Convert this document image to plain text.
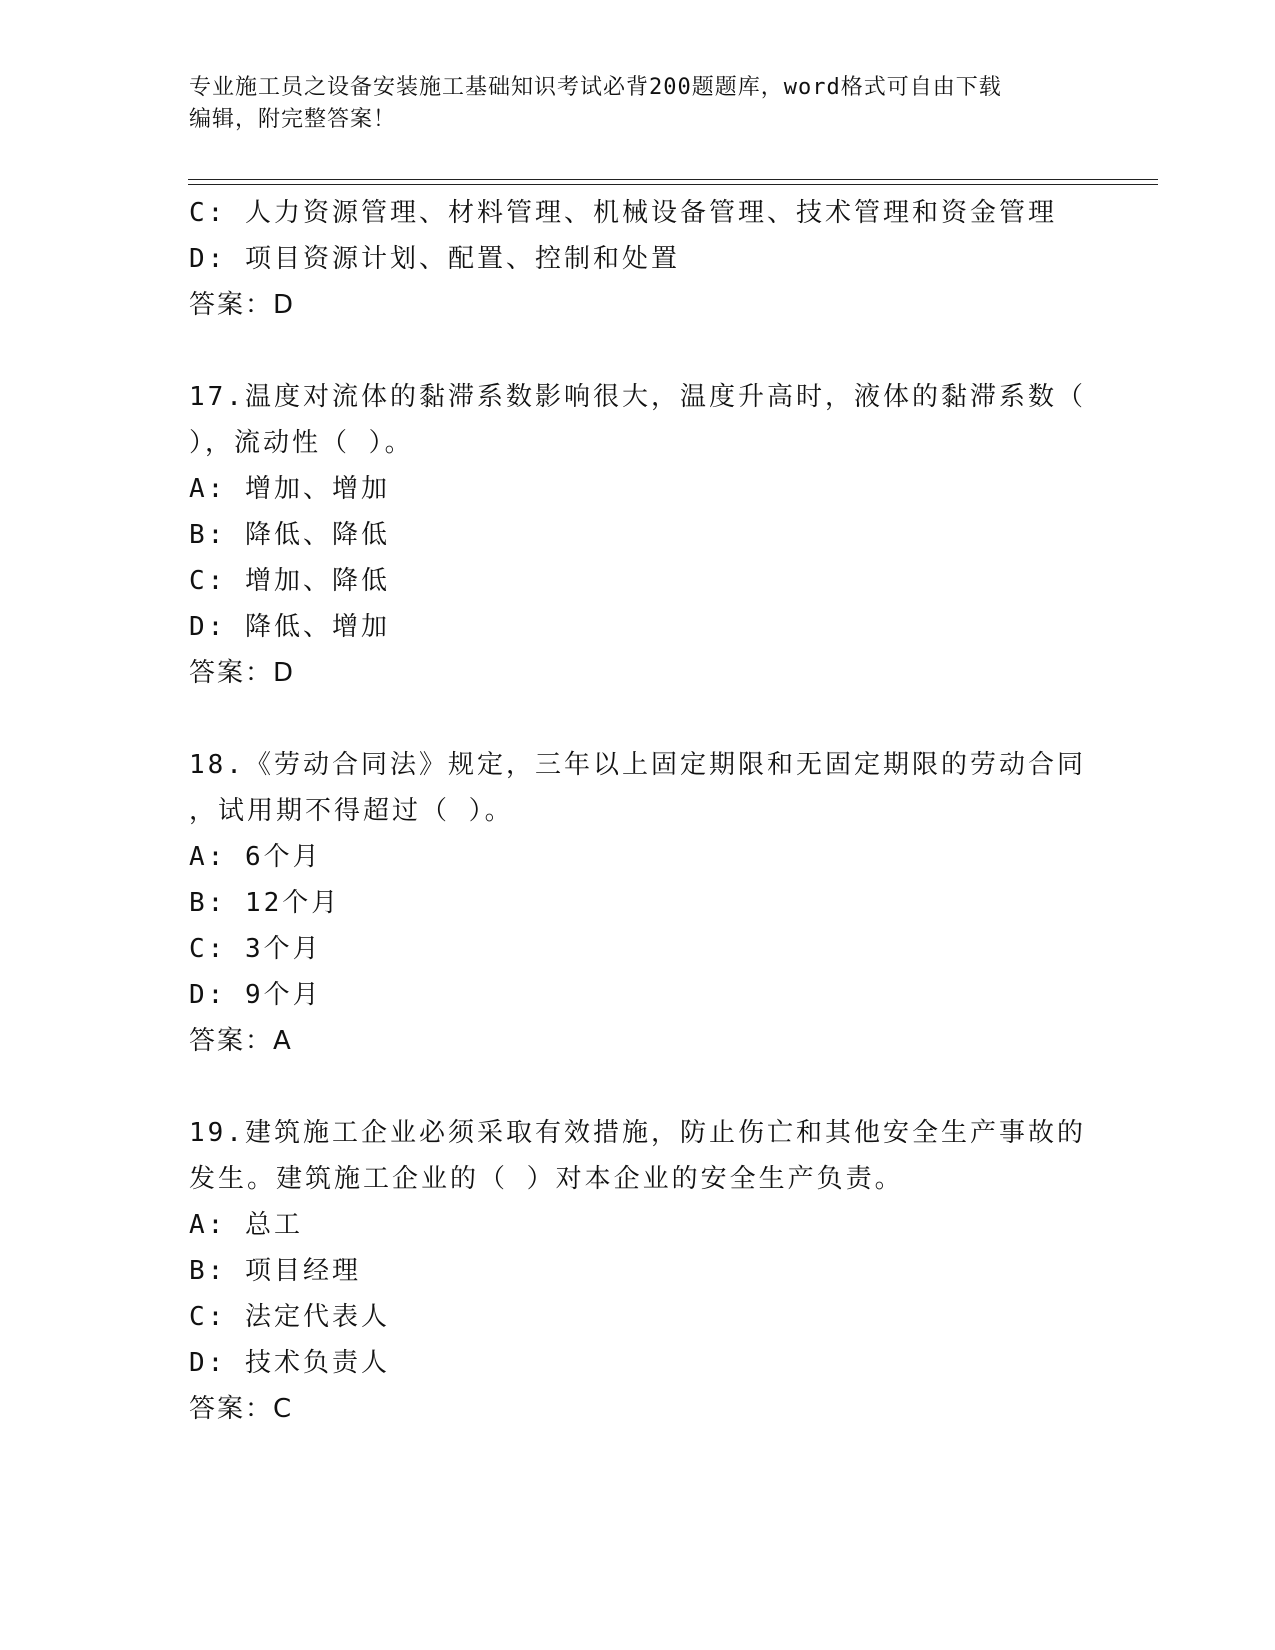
专业施工员之设备安装施工基础知识考试必背200题题库，word格式可自由下载
编辑，附完整答案！
C: 人力资源管理、材料管理、机械设备管理、技术管理和资金管理
D: 项目资源计划、配置、控制和处置
答案：D
17.温度对流体的黏滞系数影响很大，温度升高时，液体的黏滞系数（
），流动性（ ）。
A: 增加、增加
B: 降低、降低
C: 增加、降低
D: 降低、增加
答案：D
18.《劳动合同法》规定，三年以上固定期限和无固定期限的劳动合同
，试用期不得超过（ ）。
A: 6个月
B: 12个月
C: 3个月
D: 9个月
答案：A
19.建筑施工企业必须采取有效措施，防止伤亡和其他安全生产事故的
发生。建筑施工企业的（ ）对本企业的安全生产负责。
A: 总工
B: 项目经理
C: 法定代表人
D: 技术负责人
答案：C
